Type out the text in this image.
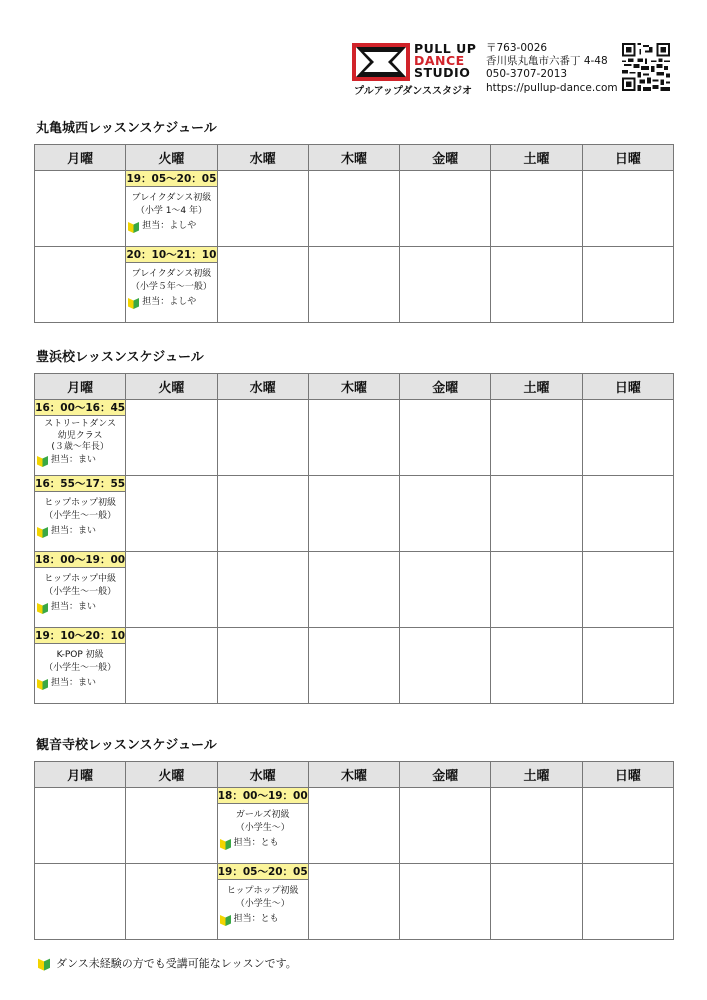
PULL UP
DANCE
STUDIO
プルアップダンススタジオ
〒763-0026
香川県丸亀市六番丁 4-48
050-3707-2013
https://pullup-dance.com
丸亀城西レッスンスケジュール
月曜	火曜	水曜	木曜	金曜	土曜	日曜

	19：05〜20：05
ブレイクダンス初級
（小学 1〜4 年）
担当：よしや					

	20：10〜21：10
ブレイクダンス初級
（小学５年〜一般）
担当：よしや					

豊浜校レッスンスケジュール
月曜	火曜	水曜	木曜	金曜	土曜	日曜

16：00〜16：45
ストリートダンス
幼児クラス
(３歳〜年長）
担当：まい						

16：55〜17：55
ヒップホップ初級
（小学生〜一般）
担当：まい						

18：00〜19：00
ヒップホップ中級
（小学生〜一般）
担当：まい						

19：10〜20：10
K-POP 初級
（小学生〜一般）
担当：まい						

観音寺校レッスンスケジュール
月曜	火曜	水曜	木曜	金曜	土曜	日曜

		18：00〜19：00
ガールズ初級
（小学生〜）
担当：とも				

		19：05〜20：05
ヒップホップ初級
（小学生〜）
担当：とも				

ダンス未経験の方でも受講可能なレッスンです。
